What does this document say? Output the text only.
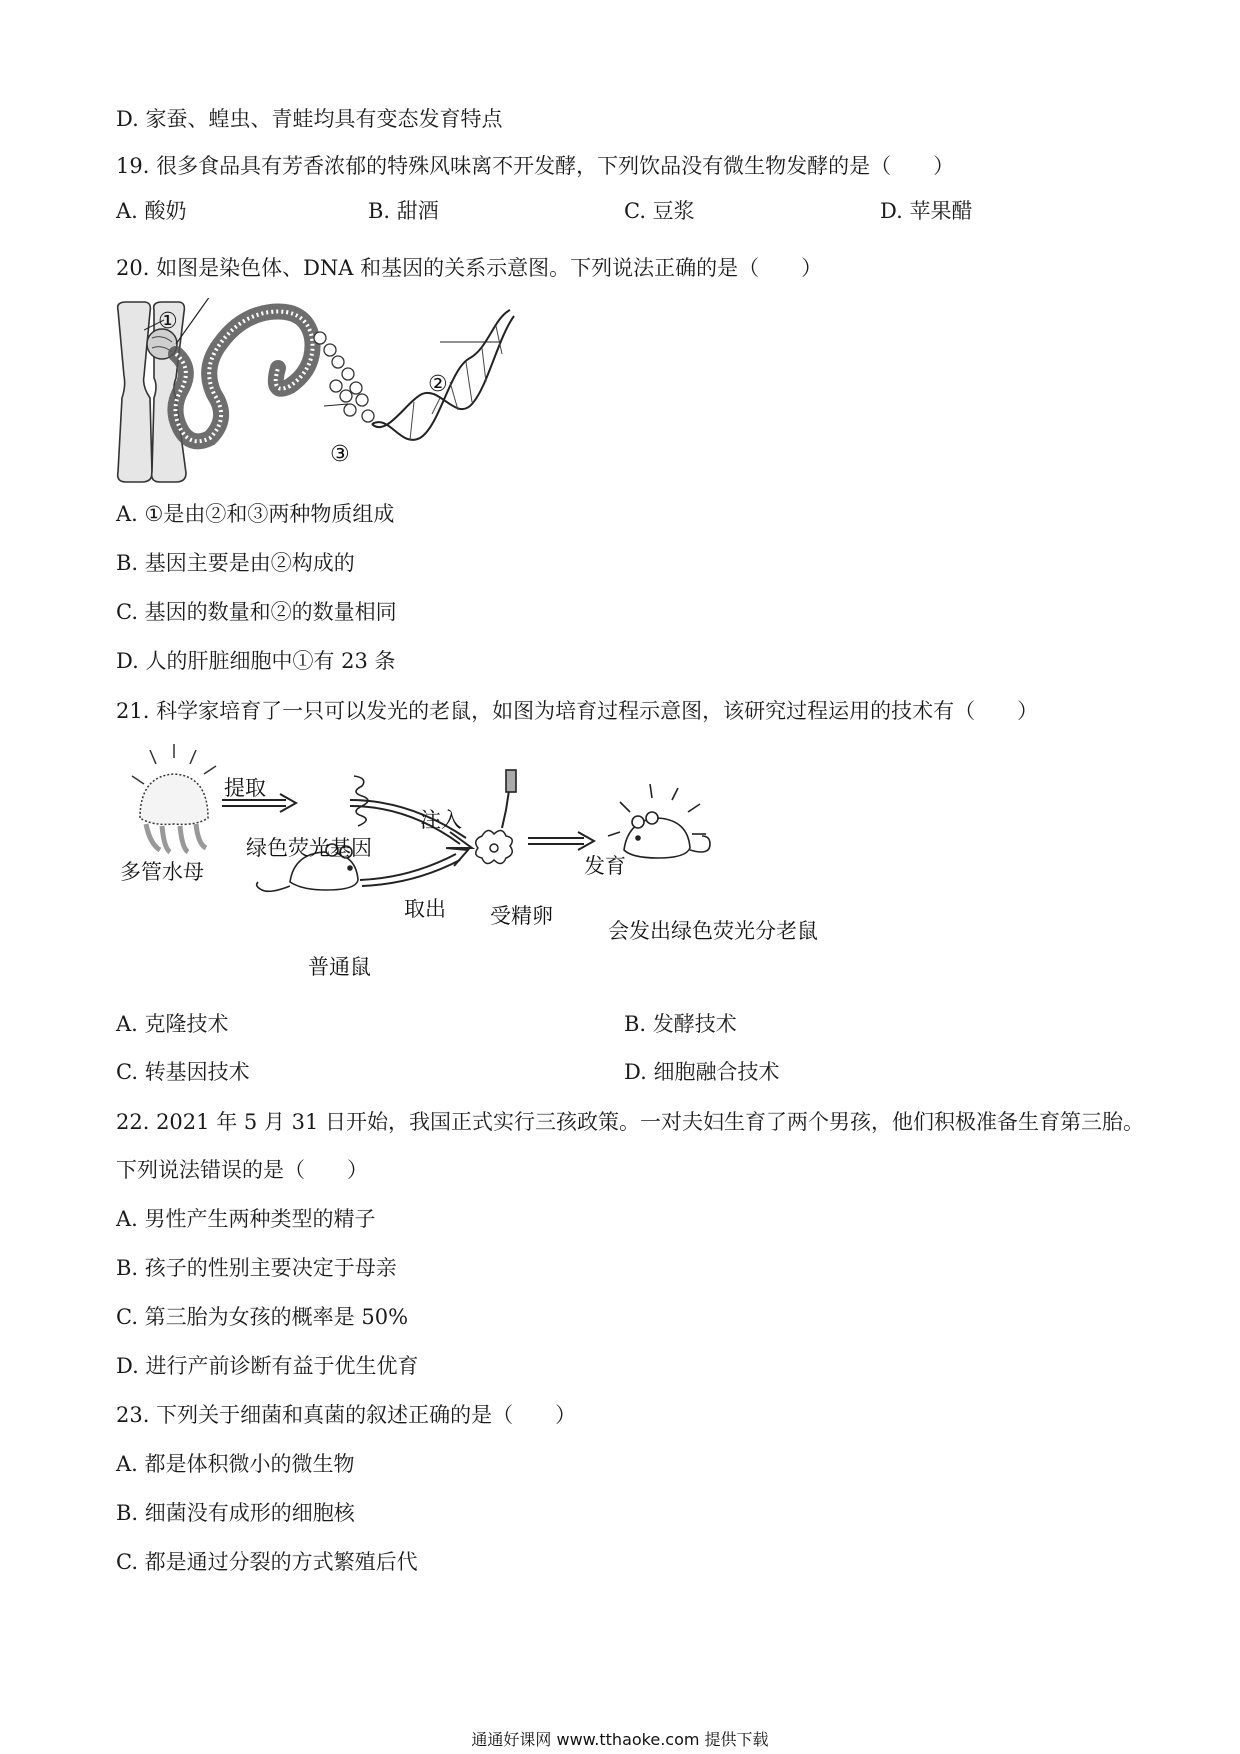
D. 家蚕、蝗虫、青蛙均具有变态发育特点
19. 很多食品具有芳香浓郁的特殊风味离不开发酵，下列饮品没有微生物发酵的是（　　）
A. 酸奶	B. 甜酒	C. 豆浆	D. 苹果醋
20. 如图是染色体、DNA 和基因的关系示意图。下列说法正确的是（　　）
①
②
③
A. ①是由②和③两种物质组成
B. 基因主要是由②构成的
C. 基因的数量和②的数量相同
D. 人的肝脏细胞中①有 23 条
21. 科学家培育了一只可以发光的老鼠，如图为培育过程示意图，该研究过程运用的技术有（　　）
多管水母
提取
绿色荧光基因
注入
普通鼠
取出 受精卵
发育
会发出绿色荧光分老鼠
A. 克隆技术	B. 发酵技术
C. 转基因技术	D. 细胞融合技术
22. 2021 年 5 月 31 日开始，我国正式实行三孩政策。一对夫妇生育了两个男孩，他们积极准备生育第三胎。
下列说法错误的是（　　）
A. 男性产生两种类型的精子
B. 孩子的性别主要决定于母亲
C. 第三胎为女孩的概率是 50%
D. 进行产前诊断有益于优生优育
23. 下列关于细菌和真菌的叙述正确的是（　　）
A. 都是体积微小的微生物
B. 细菌没有成形的细胞核
C. 都是通过分裂的方式繁殖后代
通通好课网 www.tthaoke.com 提供下载
